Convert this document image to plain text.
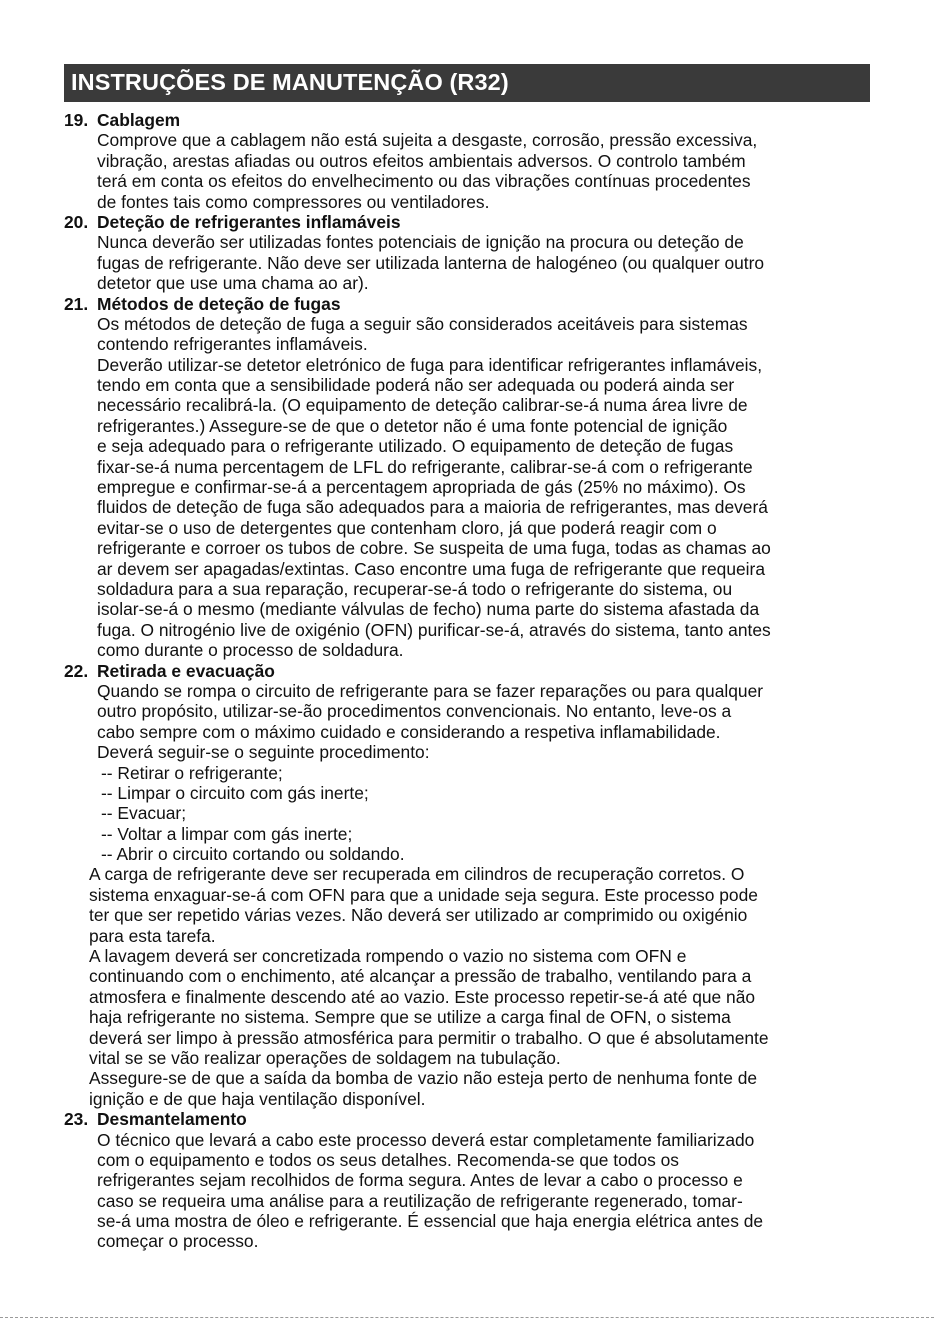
INSTRUÇÕES DE MANUTENÇÃO (R32)
19. Cablagem
Comprove que a cablagem não está sujeita a desgaste, corrosão, pressão excessiva,
vibração, arestas afiadas ou outros efeitos ambientais adversos. O controlo também
terá em conta os efeitos do envelhecimento ou das vibrações contínuas procedentes
de fontes tais como compressores ou ventiladores.
20. Deteção de refrigerantes inflamáveis
Nunca deverão ser utilizadas fontes potenciais de ignição na procura ou deteção de
fugas de refrigerante. Não deve ser utilizada lanterna de halogéneo (ou qualquer outro
detetor que use uma chama ao ar).
21. Métodos de deteção de fugas
Os métodos de deteção de fuga a seguir são considerados aceitáveis para sistemas
contendo refrigerantes inflamáveis.
Deverão utilizar-se detetor eletrónico de fuga para identificar refrigerantes inflamáveis,
tendo em conta que a sensibilidade poderá não ser adequada ou poderá ainda ser
necessário recalibrá-la. (O equipamento de deteção calibrar-se-á numa área livre de
refrigerantes.) Assegure-se de que o detetor não é uma fonte potencial de ignição
e seja adequado para o refrigerante utilizado. O equipamento de deteção de fugas
fixar-se-á numa percentagem de LFL do refrigerante, calibrar-se-á com o refrigerante
empregue e confirmar-se-á a percentagem apropriada de gás (25% no máximo). Os
fluidos de deteção de fuga são adequados para a maioria de refrigerantes, mas deverá
evitar-se o uso de detergentes que contenham cloro, já que poderá reagir com o
refrigerante e corroer os tubos de cobre. Se suspeita de uma fuga, todas as chamas ao
ar devem ser apagadas/extintas. Caso encontre uma fuga de refrigerante que requeira
soldadura para a sua reparação, recuperar-se-á todo o refrigerante do sistema, ou
isolar-se-á o mesmo (mediante válvulas de fecho) numa parte do sistema afastada da
fuga. O nitrogénio live de oxigénio (OFN) purificar-se-á, através do sistema, tanto antes
como durante o processo de soldadura.
22. Retirada e evacuação
Quando se rompa o circuito de refrigerante para se fazer reparações ou para qualquer
outro propósito, utilizar-se-ão procedimentos convencionais. No entanto, leve-os a
cabo sempre com o máximo cuidado e considerando a respetiva inflamabilidade.
Deverá seguir-se o seguinte procedimento:
-- Retirar o refrigerante;
-- Limpar o circuito com gás inerte;
-- Evacuar;
-- Voltar a limpar com gás inerte;
-- Abrir o circuito cortando ou soldando.
A carga de refrigerante deve ser recuperada em cilindros de recuperação corretos. O
sistema enxaguar-se-á com OFN para que a unidade seja segura. Este processo pode
ter que ser repetido várias vezes. Não deverá ser utilizado ar comprimido ou oxigénio
para esta tarefa.
A lavagem deverá ser concretizada rompendo o vazio no sistema com OFN e
continuando com o enchimento, até alcançar a pressão de trabalho, ventilando para a
atmosfera e finalmente descendo até ao vazio. Este processo repetir-se-á até que não
haja refrigerante no sistema. Sempre que se utilize a carga final de OFN, o sistema
deverá ser limpo à pressão atmosférica para permitir o trabalho. O que é absolutamente
vital se se vão realizar operações de soldagem na tubulação.
Assegure-se de que a saída da bomba de vazio não esteja perto de nenhuma fonte de
ignição e de que haja ventilação disponível.
23. Desmantelamento
O técnico que levará a cabo este processo deverá estar completamente familiarizado
com o equipamento e todos os seus detalhes. Recomenda-se que todos os
refrigerantes sejam recolhidos de forma segura. Antes de levar a cabo o processo e
caso se requeira uma análise para a reutilização de refrigerante regenerado, tomar-
se-á uma mostra de óleo e refrigerante. É essencial que haja energia elétrica antes de
começar o processo.
